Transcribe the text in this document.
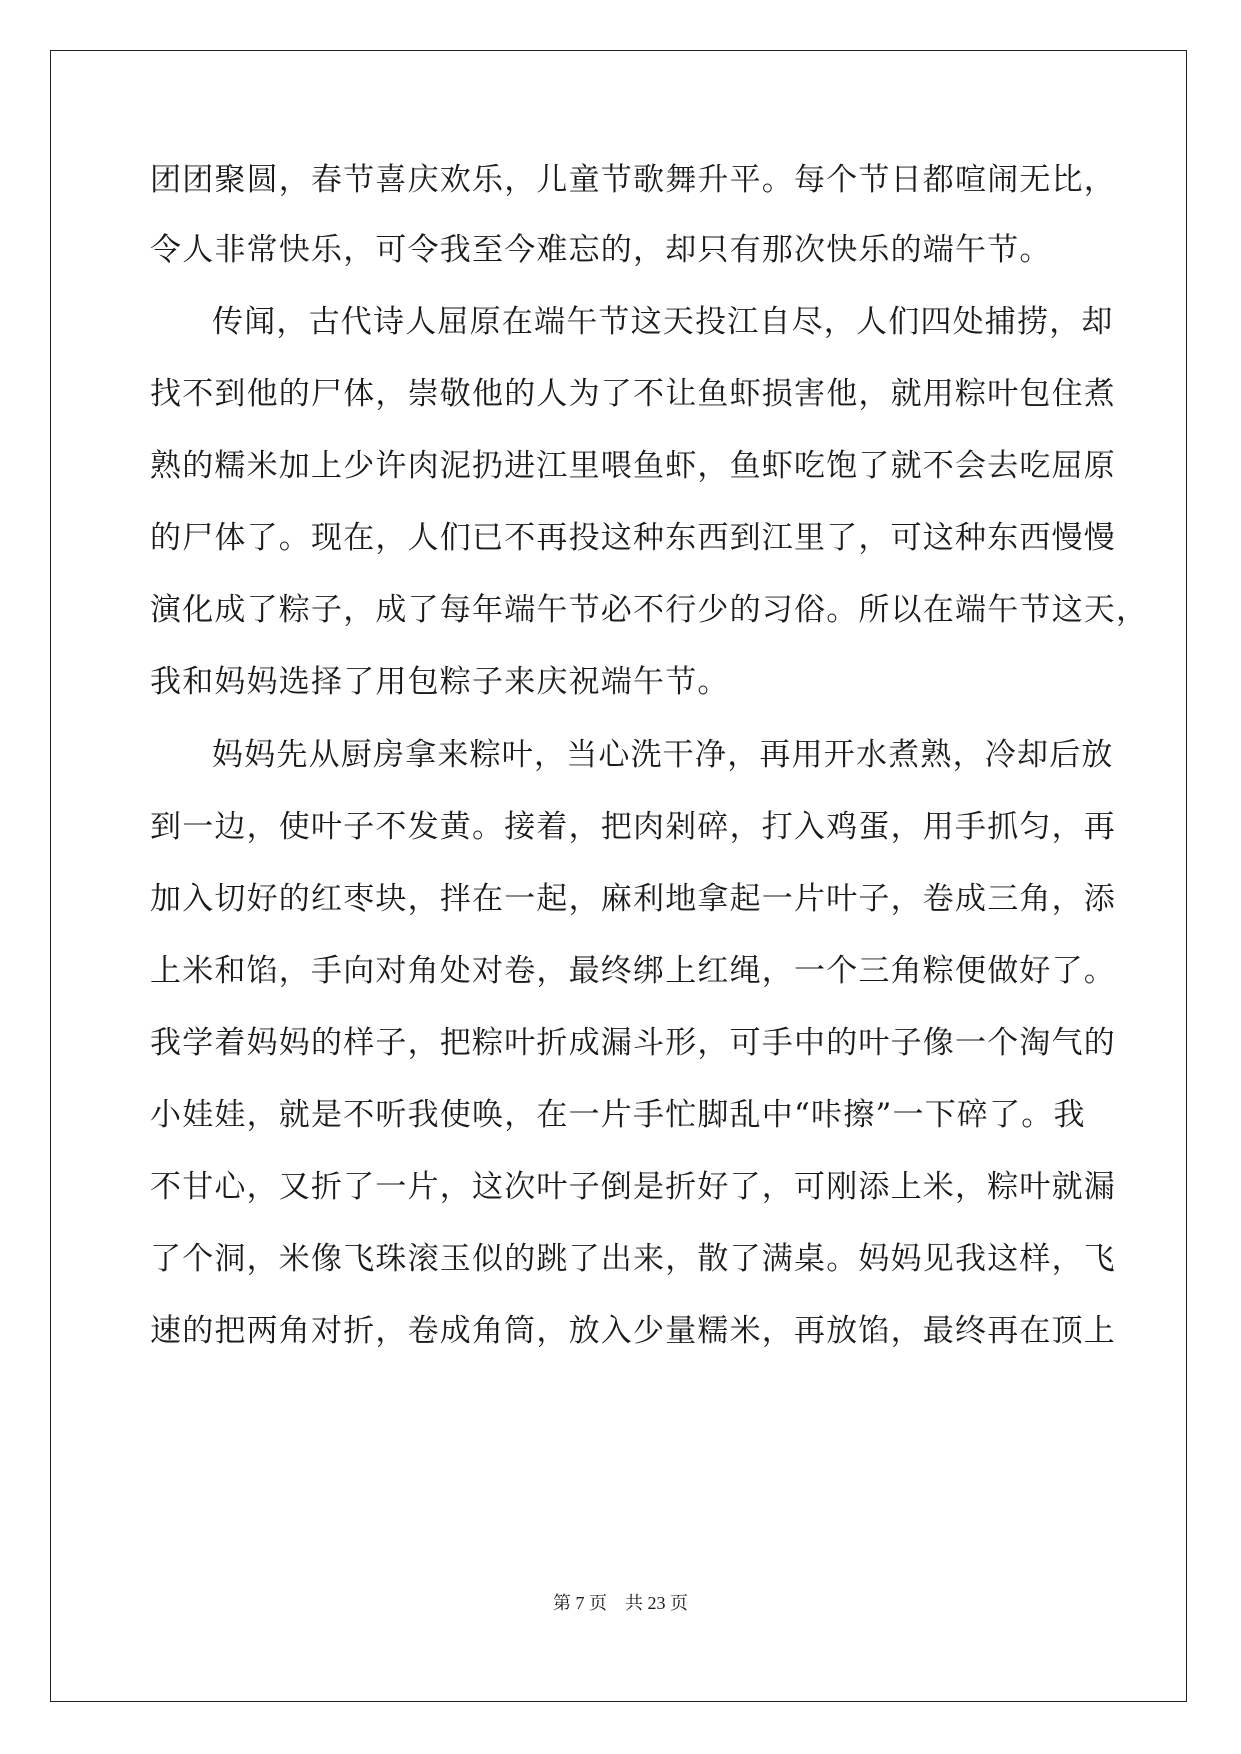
团团聚圆，春节喜庆欢乐，儿童节歌舞升平。每个节日都喧闹无比，
令人非常快乐，可令我至今难忘的，却只有那次快乐的端午节。
传闻，古代诗人屈原在端午节这天投江自尽，人们四处捕捞，却
找不到他的尸体，崇敬他的人为了不让鱼虾损害他，就用粽叶包住煮
熟的糯米加上少许肉泥扔进江里喂鱼虾，鱼虾吃饱了就不会去吃屈原
的尸体了。现在，人们已不再投这种东西到江里了，可这种东西慢慢
演化成了粽子，成了每年端午节必不行少的习俗。所以在端午节这天，
我和妈妈选择了用包粽子来庆祝端午节。
妈妈先从厨房拿来粽叶，当心洗干净，再用开水煮熟，冷却后放
到一边，使叶子不发黄。接着，把肉剁碎，打入鸡蛋，用手抓匀，再
加入切好的红枣块，拌在一起，麻利地拿起一片叶子，卷成三角，添
上米和馅，手向对角处对卷，最终绑上红绳，一个三角粽便做好了。
我学着妈妈的样子，把粽叶折成漏斗形，可手中的叶子像一个淘气的
小娃娃，就是不听我使唤，在一片手忙脚乱中“咔擦”一下碎了。我
不甘心，又折了一片，这次叶子倒是折好了，可刚添上米，粽叶就漏
了个洞，米像飞珠滚玉似的跳了出来，散了满桌。妈妈见我这样，飞
速的把两角对折，卷成角筒，放入少量糯米，再放馅，最终再在顶上
第 7 页　共 23 页
